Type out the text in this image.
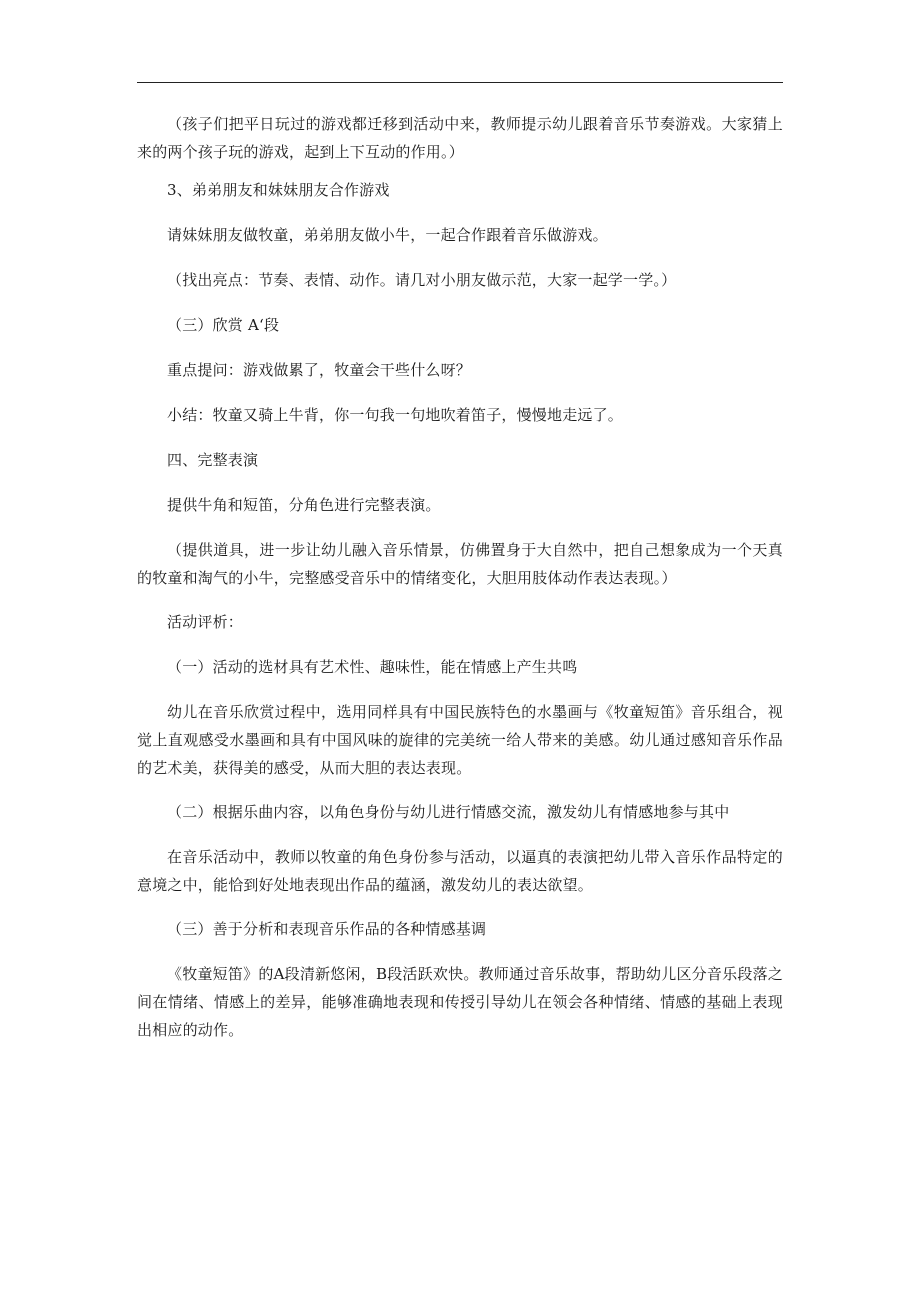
（孩子们把平日玩过的游戏都迁移到活动中来，教师提示幼儿跟着音乐节奏游戏。大家猜上来的两个孩子玩的游戏，起到上下互动的作用。）

3、弟弟朋友和妹妹朋友合作游戏

请妹妹朋友做牧童，弟弟朋友做小牛，一起合作跟着音乐做游戏。

（找出亮点：节奏、表情、动作。请几对小朋友做示范，大家一起学一学。）

（三）欣赏 A‘段

重点提问：游戏做累了，牧童会干些什么呀？

小结：牧童又骑上牛背，你一句我一句地吹着笛子，慢慢地走远了。

四、完整表演

提供牛角和短笛，分角色进行完整表演。

（提供道具，进一步让幼儿融入音乐情景，仿佛置身于大自然中，把自己想象成为一个天真的牧童和淘气的小牛，完整感受音乐中的情绪变化，大胆用肢体动作表达表现。）

活动评析：

（一）活动的选材具有艺术性、趣味性，能在情感上产生共鸣

幼儿在音乐欣赏过程中，选用同样具有中国民族特色的水墨画与《牧童短笛》音乐组合，视觉上直观感受水墨画和具有中国风味的旋律的完美统一给人带来的美感。幼儿通过感知音乐作品的艺术美，获得美的感受，从而大胆的表达表现。

（二）根据乐曲内容，以角色身份与幼儿进行情感交流，激发幼儿有情感地参与其中

在音乐活动中，教师以牧童的角色身份参与活动，以逼真的表演把幼儿带入音乐作品特定的意境之中，能恰到好处地表现出作品的蕴涵，激发幼儿的表达欲望。

（三）善于分析和表现音乐作品的各种情感基调

《牧童短笛》的A段清新悠闲，B段活跃欢快。教师通过音乐故事，帮助幼儿区分音乐段落之间在情绪、情感上的差异，能够准确地表现和传授引导幼儿在领会各种情绪、情感的基础上表现出相应的动作。
